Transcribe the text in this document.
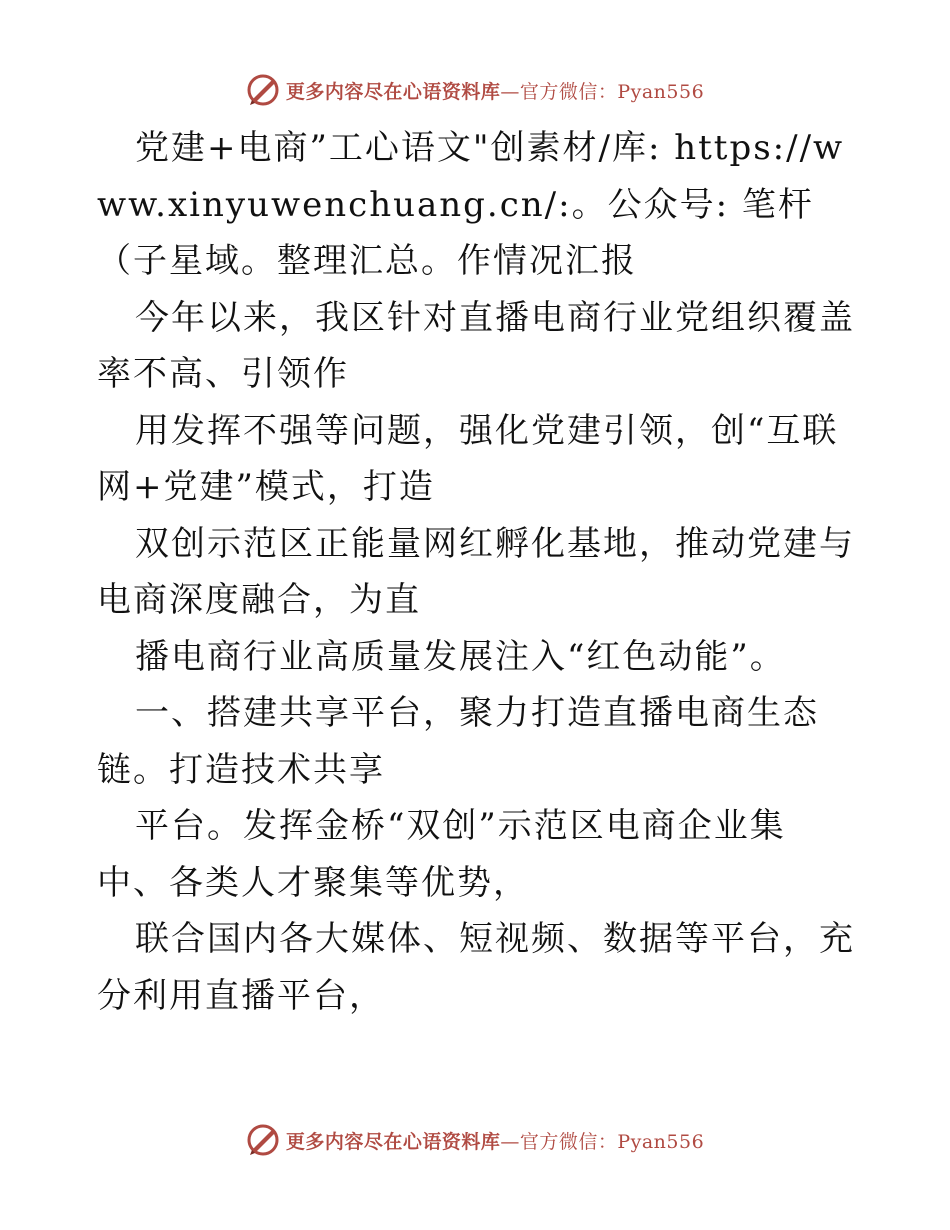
更多内容尽在心语资料库—官方微信：Pyan556

党建+电商”工心语文"创素材/库: https://www.xinyuwenchuang.cn/:。公众号: 笔杆（子星域。整理汇总。作情况汇报

今年以来，我区针对直播电商行业党组织覆盖率不高、引领作

用发挥不强等问题，强化党建引领，创“互联网+党建”模式，打造

双创示范区正能量网红孵化基地，推动党建与电商深度融合，为直

播电商行业高质量发展注入“红色动能”。

一、搭建共享平台，聚力打造直播电商生态链。打造技术共享

平台。发挥金桥“双创”示范区电商企业集中、各类人才聚集等优势，

联合国内各大媒体、短视频、数据等平台，充分利用直播平台，

更多内容尽在心语资料库—官方微信：Pyan556
